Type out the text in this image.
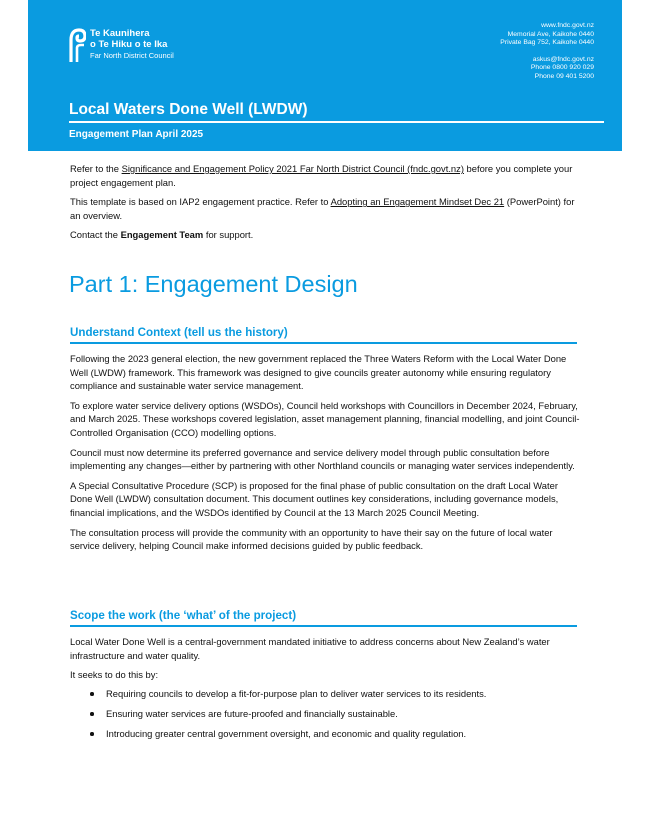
Te Kaunihera
o Te Hiku o te Ika
Far North District Council
www.fndc.govt.nz
Memorial Ave, Kaikohe 0440
Private Bag 752, Kaikohe 0440
askus@fndc.govt.nz
Phone 0800 920 029
Phone 09 401 5200
Local Waters Done Well (LWDW)
Engagement Plan April 2025

Refer to the Significance and Engagement Policy 2021 Far North District Council (fndc.govt.nz) before you complete your project engagement plan.

This template is based on IAP2 engagement practice. Refer to Adopting an Engagement Mindset Dec 21 (PowerPoint) for an overview.

Contact the Engagement Team for support.

Part 1: Engagement Design
Understand Context (tell us the history)

Following the 2023 general election, the new government replaced the Three Waters Reform with the Local Water Done Well (LWDW) framework. This framework was designed to give councils greater autonomy while ensuring regulatory compliance and sustainable water service management.

To explore water service delivery options (WSDOs), Council held workshops with Councillors in December 2024, February, and March 2025. These workshops covered legislation, asset management planning, financial modelling, and joint Council-Controlled Organisation (CCO) modelling options.

Council must now determine its preferred governance and service delivery model through public consultation before implementing any changes—either by partnering with other Northland councils or managing water services independently.

A Special Consultative Procedure (SCP) is proposed for the final phase of public consultation on the draft Local Water Done Well (LWDW) consultation document. This document outlines key considerations, including governance models, financial implications, and the WSDOs identified by Council at the 13 March 2025 Council Meeting.

The consultation process will provide the community with an opportunity to have their say on the future of local water service delivery, helping Council make informed decisions guided by public feedback.

Scope the work (the ‘what’ of the project)

Local Water Done Well is a central-government mandated initiative to address concerns about New Zealand’s water infrastructure and water quality.

It seeks to do this by:

Requiring councils to develop a fit-for-purpose plan to deliver water services to its residents.
Ensuring water services are future-proofed and financially sustainable.
Introducing greater central government oversight, and economic and quality regulation.
